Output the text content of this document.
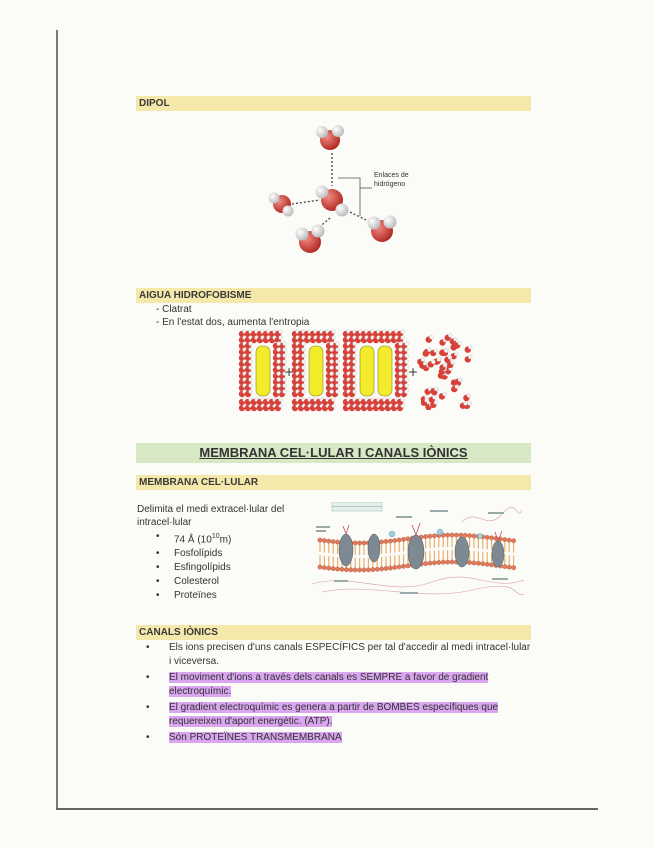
DIPOL
Enlaces de
hidrógeno
AIGUA HIDROFOBISME
- Clatrat
- En l'estat dos, aumenta l'entropia
+	+
MEMBRANA CEL·LULAR I CANALS IÒNICS
MEMBRANA CEL·LULAR
Delimita el medi extracel·lular del
intracel·lular
• 74 Å $(10^{10}m)$
• Fosfolípids
• Esfingolípids
• Colesterol
• Proteïnes
CANALS IÒNICS
• Els ions precisen d'uns canals ESPECÍFICS per tal d'accedir al medi intracel·lular i viceversa.
• El moviment d'ions a través dels canals es SEMPRE a favor de gradient electroquímic.
• El gradient electroquímic es genera a partir de BOMBES específiques que requereixen d'aport energètic. (ATP).
• Són PROTEÏNES TRANSMEMBRANA
